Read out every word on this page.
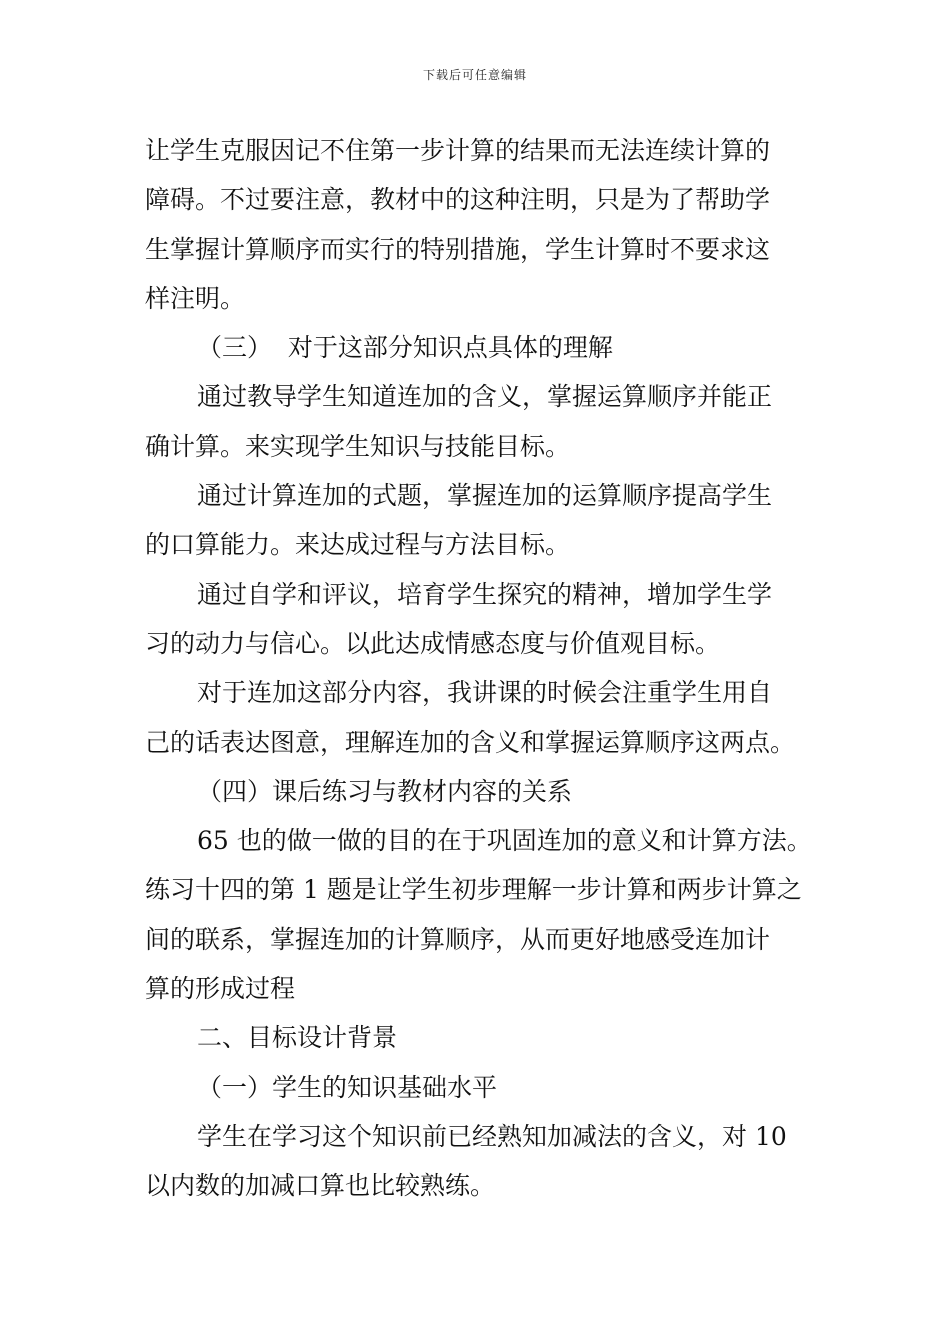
下载后可任意编辑
让学生克服因记不住第一步计算的结果而无法连续计算的
障碍。不过要注意，教材中的这种注明，只是为了帮助学
生掌握计算顺序而实行的特别措施，学生计算时不要求这
样注明。
（三）  对于这部分知识点具体的理解
通过教导学生知道连加的含义，掌握运算顺序并能正
确计算。来实现学生知识与技能目标。
通过计算连加的式题，掌握连加的运算顺序提高学生
的口算能力。来达成过程与方法目标。
通过自学和评议，培育学生探究的精神，增加学生学
习的动力与信心。以此达成情感态度与价值观目标。
对于连加这部分内容，我讲课的时候会注重学生用自
己的话表达图意，理解连加的含义和掌握运算顺序这两点。
（四）课后练习与教材内容的关系
65 也的做一做的目的在于巩固连加的意义和计算方法。
练习十四的第 1 题是让学生初步理解一步计算和两步计算之
间的联系，掌握连加的计算顺序，从而更好地感受连加计
算的形成过程
二、目标设计背景
（一）学生的知识基础水平
学生在学习这个知识前已经熟知加减法的含义，对 10
以内数的加减口算也比较熟练。
